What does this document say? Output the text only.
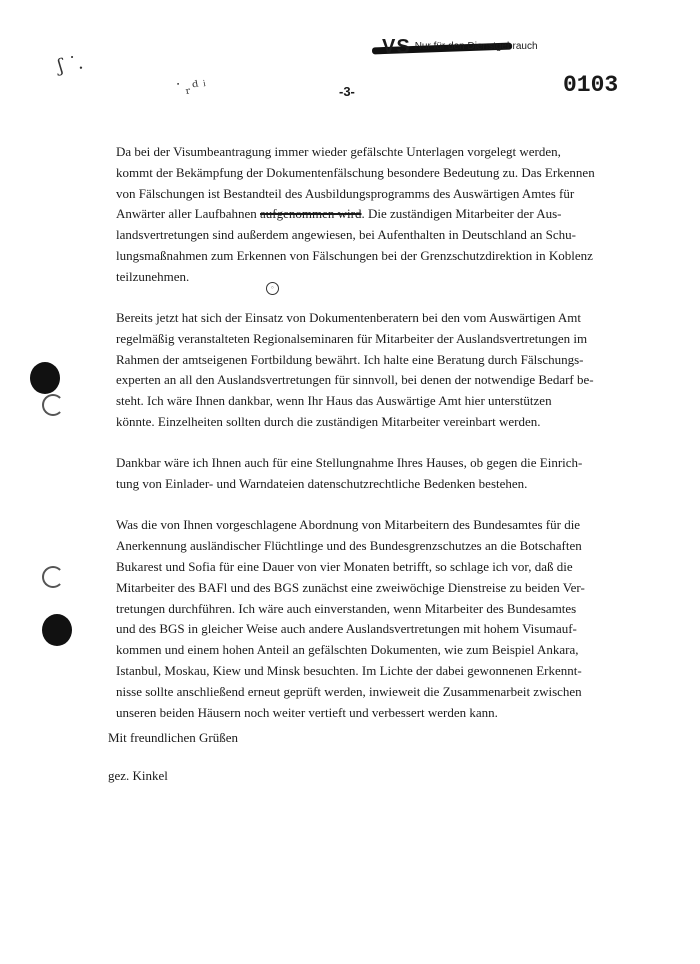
VS $^{Nur für den Dienstgebrauch}$
-3-	0103
ʃ ˙.
˙ᵣᵈ ͥ

Da bei der Visumbeantragung immer wieder gefälschte Unterlagen vorgelegt werden,
kommt der Bekämpfung der Dokumentenfälschung besondere Bedeutung zu. Das Erkennen
von Fälschungen ist Bestandteil des Ausbildungsprogramms des Auswärtigen Amtes für
Anwärter aller Laufbahnen aufgenommen wird. Die zuständigen Mitarbeiter der Aus-
landsvertretungen sind außerdem angewiesen, bei Aufenthalten in Deutschland an Schu-
lungsmaßnahmen zum Erkennen von Fälschungen bei der Grenzschutzdirektion in Koblenz
teilzunehmen.

Bereits jetzt hat sich der Einsatz von Dokumentenberatern bei den vom Auswärtigen Amt
regelmäßig veranstalteten Regionalseminaren für Mitarbeiter der Auslandsvertretungen im
Rahmen der amtseigenen Fortbildung bewährt. Ich halte eine Beratung durch Fälschungs-
experten an all den Auslandsvertretungen für sinnvoll, bei denen der notwendige Bedarf be-
steht. Ich wäre Ihnen dankbar, wenn Ihr Haus das Auswärtige Amt hier unterstützen
könnte. Einzelheiten sollten durch die zuständigen Mitarbeiter vereinbart werden.

Dankbar wäre ich Ihnen auch für eine Stellungnahme Ihres Hauses, ob gegen die Einrich-
tung von Einlader- und Warndateien datenschutzrechtliche Bedenken bestehen.

Was die von Ihnen vorgeschlagene Abordnung von Mitarbeitern des Bundesamtes für die
Anerkennung ausländischer Flüchtlinge und des Bundesgrenzschutzes an die Botschaften
Bukarest und Sofia für eine Dauer von vier Monaten betrifft, so schlage ich vor, daß die
Mitarbeiter des BAFl und des BGS zunächst eine zweiwöchige Dienstreise zu beiden Ver-
tretungen durchführen. Ich wäre auch einverstanden, wenn Mitarbeiter des Bundesamtes
und des BGS in gleicher Weise auch andere Auslandsvertretungen mit hohem Visumauf-
kommen und einem hohen Anteil an gefälschten Dokumenten, wie zum Beispiel Ankara,
Istanbul, Moskau, Kiew und Minsk besuchten. Im Lichte der dabei gewonnenen Erkennt-
nisse sollte anschließend erneut geprüft werden, inwieweit die Zusammenarbeit zwischen
unseren beiden Häusern noch weiter vertieft und verbessert werden kann.

◦
Mit freundlichen Grüßen
gez. Kinkel
